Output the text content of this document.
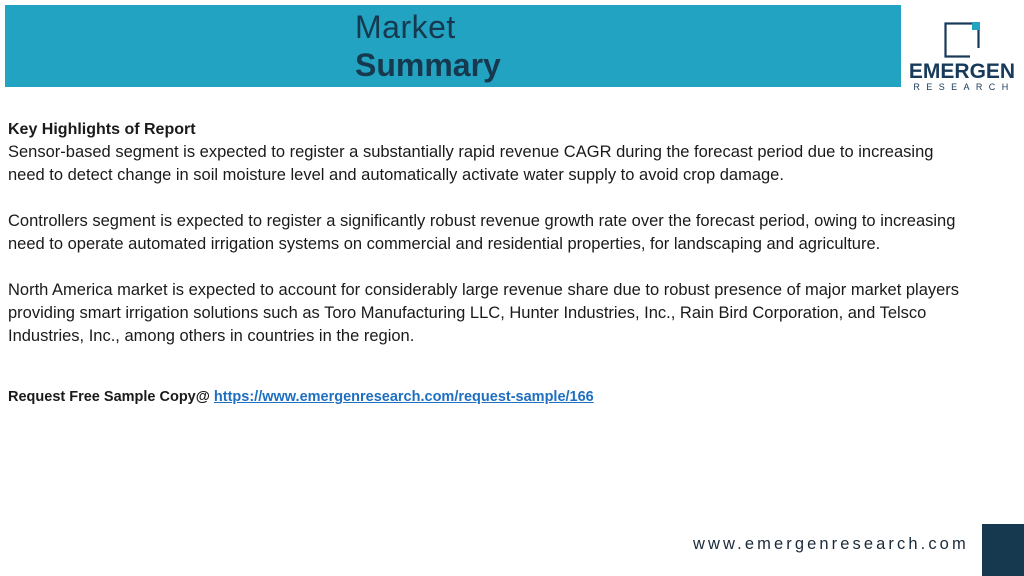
Market
Summary	EMERGEN
RESEARCH

Key Highlights of Report

Sensor-based segment is expected to register a substantially rapid revenue CAGR during the forecast period due to increasing need to detect change in soil moisture level and automatically activate water supply to avoid crop damage.

Controllers segment is expected to register a significantly robust revenue growth rate over the forecast period, owing to increasing need to operate automated irrigation systems on commercial and residential properties, for landscaping and agriculture.

North America market is expected to account for considerably large revenue share due to robust presence of major market players providing smart irrigation solutions such as Toro Manufacturing LLC, Hunter Industries, Inc., Rain Bird Corporation, and Telsco Industries, Inc., among others in countries in the region.

Request Free Sample Copy@ https://www.emergenresearch.com/request-sample/166

www.emergenresearch.com
